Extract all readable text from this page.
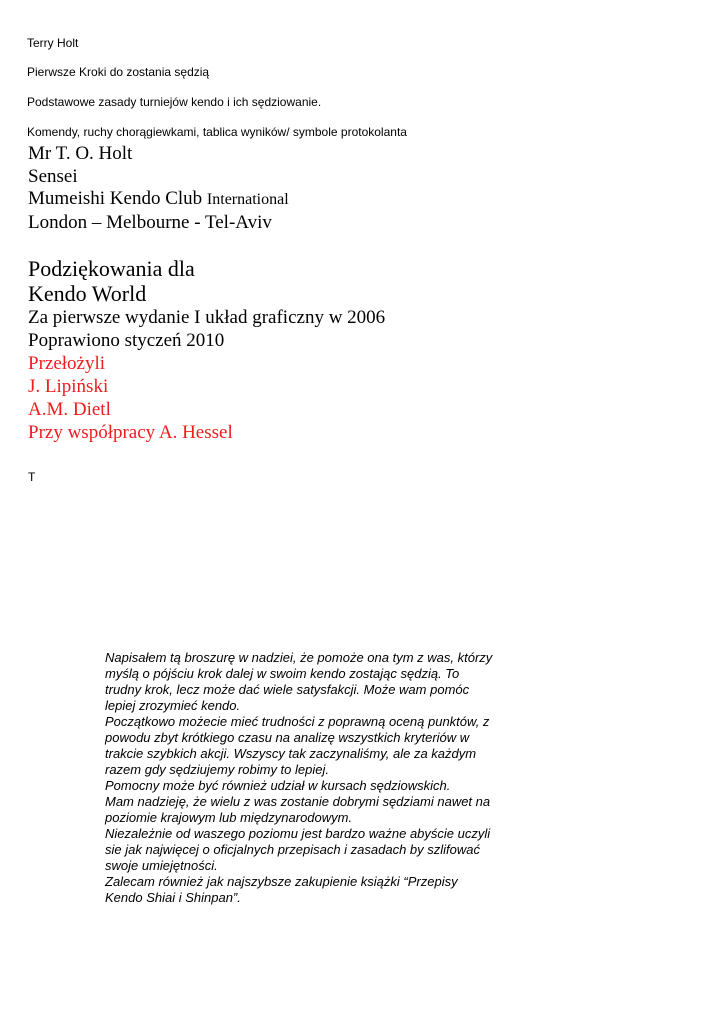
Terry Holt
Pierwsze Kroki do zostania sędzią
Podstawowe zasady turniejów kendo i ich sędziowanie.
Komendy, ruchy chorągiewkami, tablica wyników/ symbole protokolanta
Mr T. O. Holt
Sensei
Mumeishi Kendo Club International
London – Melbourne - Tel-Aviv
Podziękowania dla
Kendo World
Za pierwsze wydanie I układ graficzny w 2006
Poprawiono styczeń 2010
Przełożyli
J. Lipiński
A.M. Dietl
Przy współpracy A. Hessel
T
Napisałem tą broszurę w nadziei, że pomoże ona tym z was, którzy
myślą o pójściu krok dalej w swoim kendo zostając sędzią. To
trudny krok, lecz może dać wiele satysfakcji. Może wam pomóc
lepiej zrozymieć kendo.
Początkowo możecie mieć trudności z poprawną oceną punktów, z
powodu zbyt krótkiego czasu na analizę wszystkich kryteriów w
trakcie szybkich akcji. Wszyscy tak zaczynaliśmy, ale za każdym
razem gdy sędziujemy robimy to lepiej.
Pomocny może być również udział w kursach sędziowskich.
Mam nadzieję, że wielu z was zostanie dobrymi sędziami nawet na
poziomie krajowym lub międzynarodowym.
Niezależnie od waszego poziomu jest bardzo ważne abyście uczyli
sie jak najwięcej o oficjalnych przepisach i zasadach by szlifować
swoje umiejętności.
Zalecam również jak najszybsze zakupienie książki “Przepisy
Kendo Shiai i Shinpan”.
